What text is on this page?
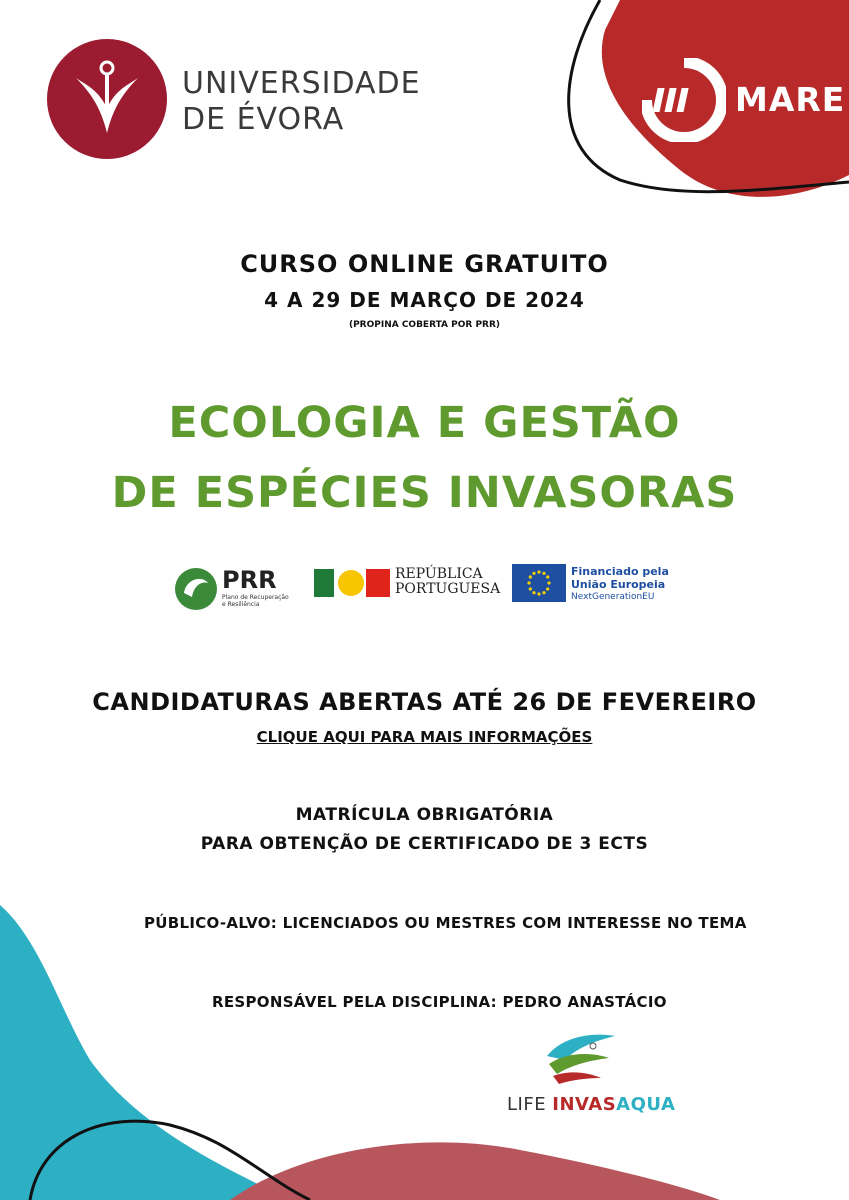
UNIVERSIDADE
DE ÉVORA
MARE
CURSO ONLINE GRATUITO
4 A 29 DE MARÇO DE 2024
(PROPINA COBERTA POR PRR)
ECOLOGIA E GESTÃO
DE ESPÉCIES INVASORAS
PRR
Plano de Recuperação
e Resiliência
REPÚBLICA
PORTUGUESA
Financiado pela
União Europeia
NextGenerationEU
CANDIDATURAS ABERTAS ATÉ 26 DE FEVEREIRO
CLIQUE AQUI PARA MAIS INFORMAÇÕES
MATRÍCULA OBRIGATÓRIA
PARA OBTENÇÃO DE CERTIFICADO DE 3 ECTS
PÚBLICO-ALVO: LICENCIADOS OU MESTRES COM INTERESSE NO TEMA
RESPONSÁVEL PELA DISCIPLINA: PEDRO ANASTÁCIO
LIFE INVASAQUA
